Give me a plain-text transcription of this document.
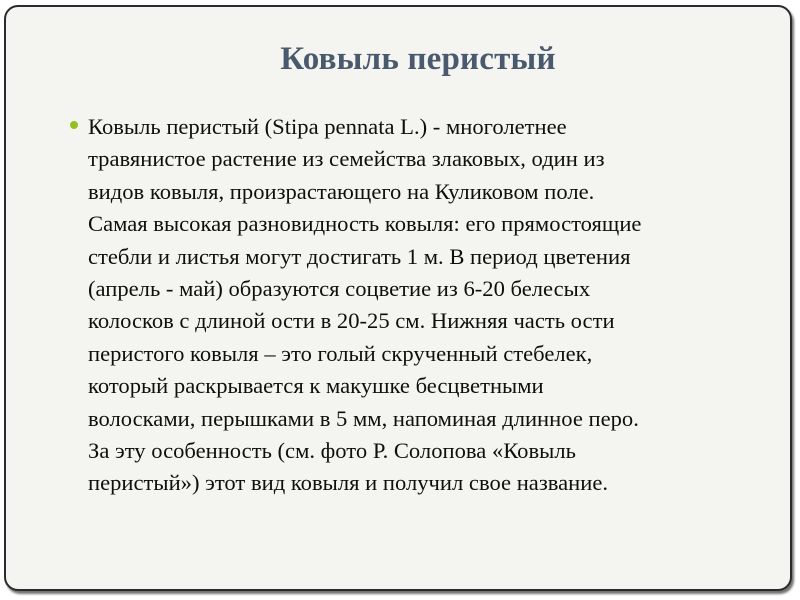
Ковыль перистый

Ковыль перистый (Stipa pennata L.) - многолетнее
травянистое растение из семейства злаковых, один из
видов ковыля, произрастающего на Куликовом поле.
Самая высокая разновидность ковыля: его прямостоящие
стебли и листья могут достигать 1 м. В период цветения
(апрель - май) образуются соцветие из 6-20 белесых
колосков с длиной ости в 20-25 см. Нижняя часть ости
перистого ковыля – это голый скрученный стебелек,
который раскрывается к макушке бесцветными
волосками, перышками в 5 мм, напоминая длинное перо.
За эту особенность (см. фото Р. Солопова «Ковыль
перистый») этот вид ковыля и получил свое название.
